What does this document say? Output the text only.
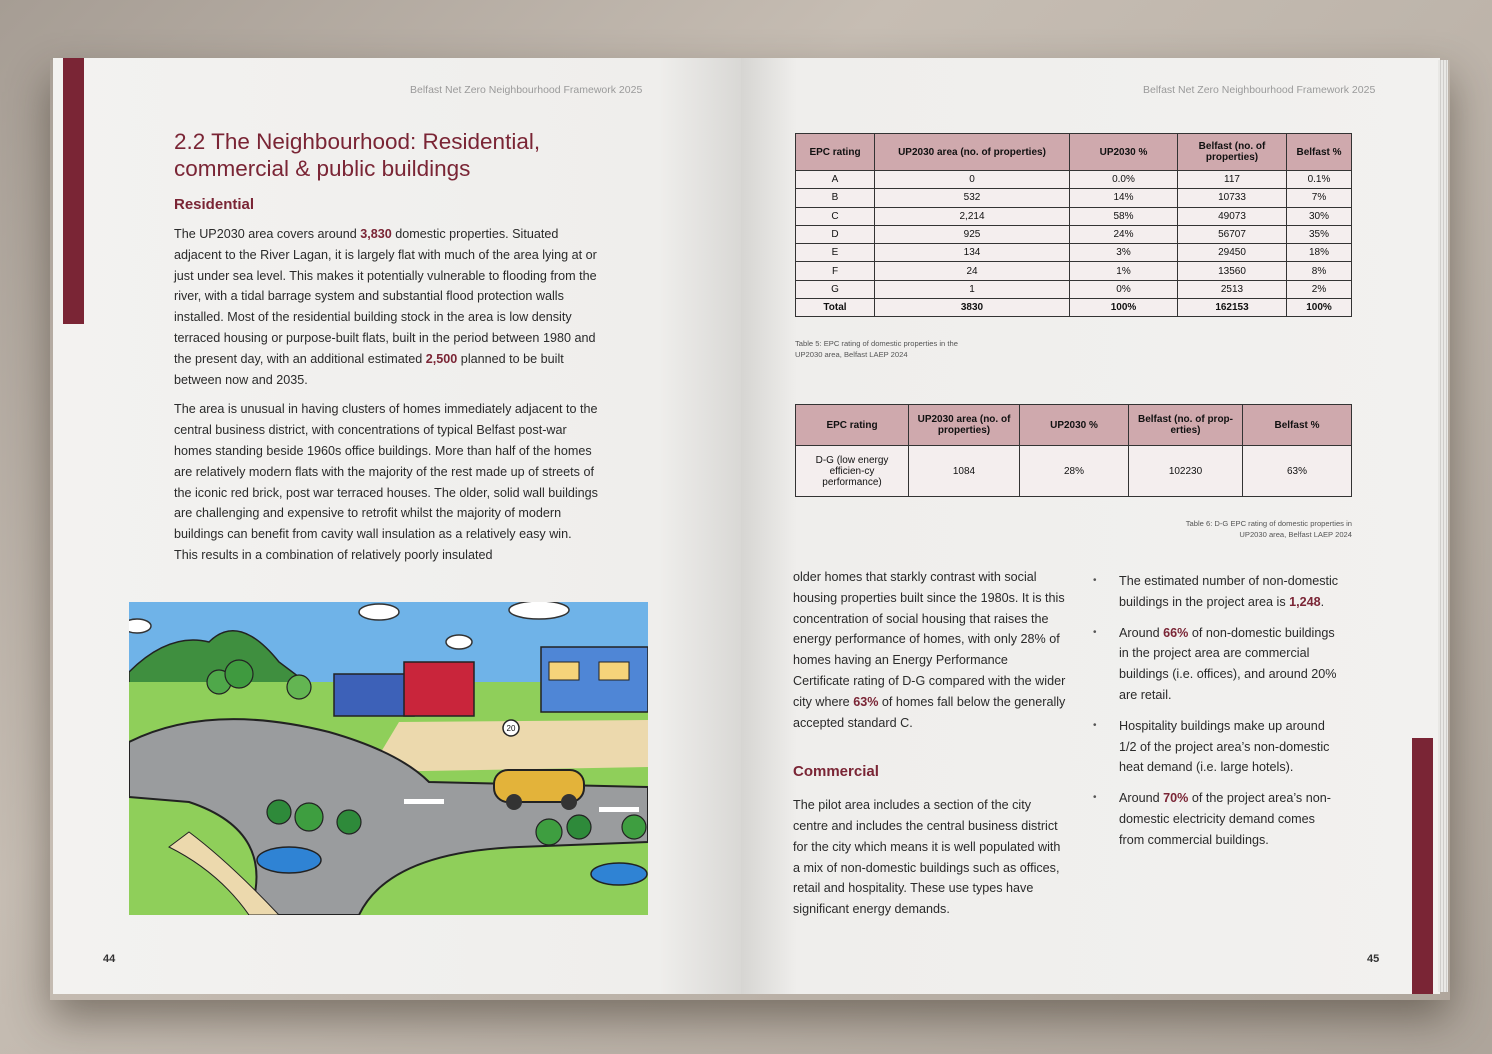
Belfast Net Zero Neighbourhood Framework 2025
2.2 The Neighbourhood: Residential, commercial & public buildings
Residential

The UP2030 area covers around 3,830 domestic properties. Situated adjacent to the River Lagan, it is largely flat with much of the area lying at or just under sea level. This makes it potentially vulnerable to flooding from the river, with a tidal barrage system and substantial flood protection walls installed. Most of the residential building stock in the area is low density terraced housing or purpose-built flats, built in the period between 1980 and the present day, with an additional estimated 2,500 planned to be built between now and 2035.

The area is unusual in having clusters of homes immediately adjacent to the central business district, with concentrations of typical Belfast post-war homes standing beside 1960s office buildings. More than half of the homes are relatively modern flats with the majority of the rest made up of streets of the iconic red brick, post war terraced houses. The older, solid wall buildings are challenging and expensive to retrofit whilst the majority of modern buildings can benefit from cavity wall insulation as a relatively easy win. This results in a combination of relatively poorly insulated

20
44
Belfast Net Zero Neighbourhood Framework 2025
EPC rating	UP2030 area (no. of properties)	UP2030 %	Belfast (no. of properties)	Belfast %
A	0	0.0%	117	0.1%
B	532	14%	10733	7%
C	2,214	58%	49073	30%
D	925	24%	56707	35%
E	134	3%	29450	18%
F	24	1%	13560	8%
G	1	0%	2513	2%
Total	3830	100%	162153	100%
Table 5: EPC rating of domestic properties in the UP2030 area, Belfast LAEP 2024
EPC rating	UP2030 area (no. of properties)	UP2030 %	Belfast (no. of prop-erties)	Belfast %
D-G (low energy efficien-cy performance)	1084	28%	102230	63%
Table 6: D-G EPC rating of domestic properties in UP2030 area, Belfast LAEP 2024

older homes that starkly contrast with social housing properties built since the 1980s. It is this concentration of social housing that raises the energy performance of homes, with only 28% of homes having an Energy Performance Certificate rating of D-G compared with the wider city where 63% of homes fall below the generally accepted standard C.

Commercial

The pilot area includes a section of the city centre and includes the central business district for the city which means it is well populated with a mix of non-domestic buildings such as offices, retail and hospitality. These use types have significant energy demands.

• The estimated number of non-domestic buildings in the project area is 1,248.
• Around 66% of non-domestic buildings in the project area are commercial buildings (i.e. offices), and around 20% are retail.
• Hospitality buildings make up around 1/2 of the project area’s non-domestic heat demand (i.e. large hotels).
• Around 70% of the project area’s non-domestic electricity demand comes from commercial buildings.
45
